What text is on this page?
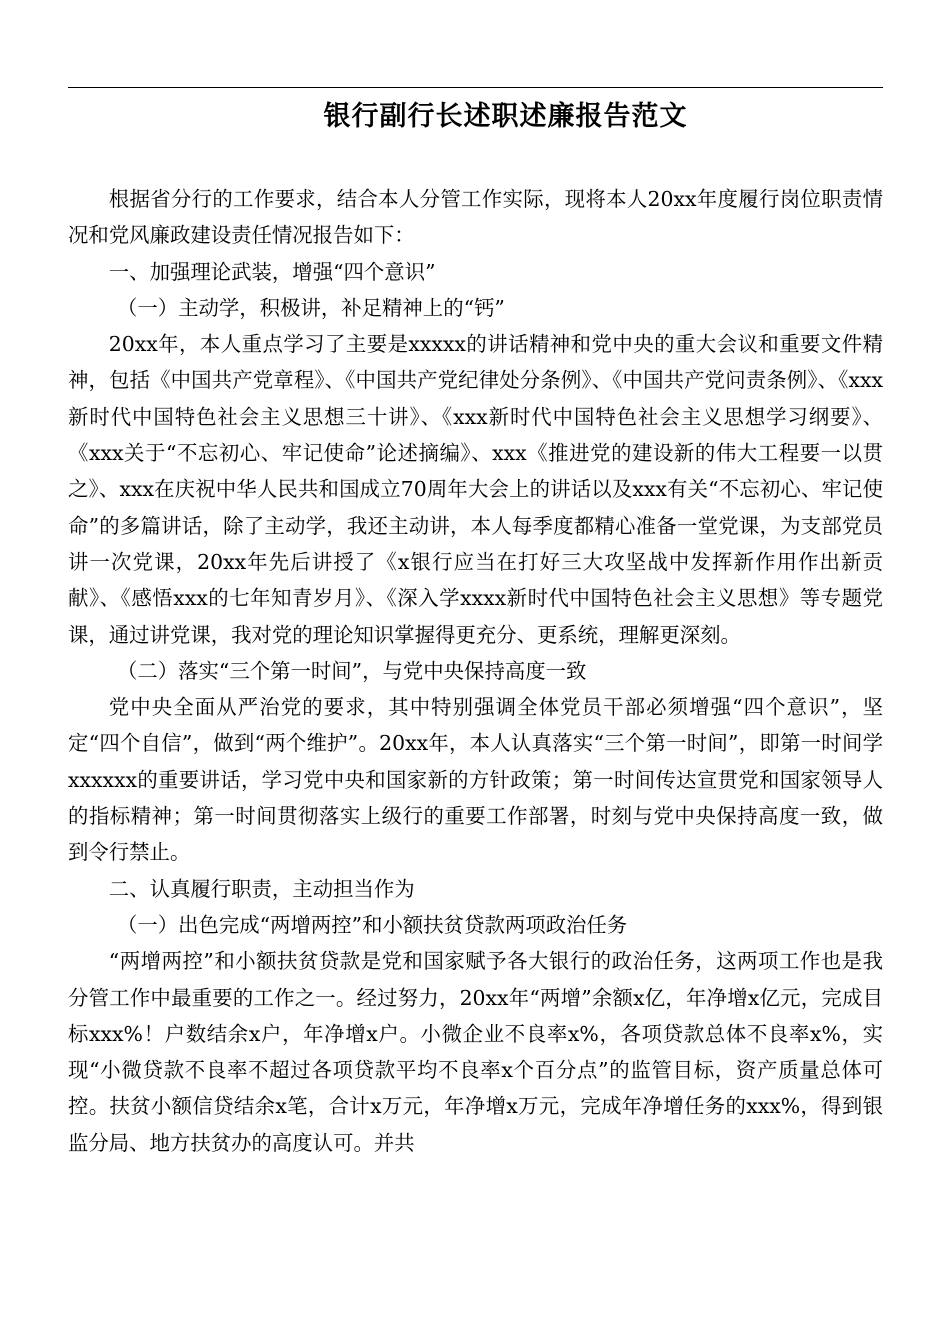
银行副行长述职述廉报告范文

根据省分行的工作要求，结合本人分管工作实际，现将本人20xx年度履行岗位职责情况和党风廉政建设责任情况报告如下：

一、加强理论武装，增强“四个意识”

（一）主动学，积极讲，补足精神上的“钙”

20xx年，本人重点学习了主要是xxxxx的讲话精神和党中央的重大会议和重要文件精神，包括《中国共产党章程》、《中国共产党纪律处分条例》、《中国共产党问责条例》、《xxx新时代中国特色社会主义思想三十讲》、《xxx新时代中国特色社会主义思想学习纲要》、《xxx关于“不忘初心、牢记使命”论述摘编》、xxx《推进党的建设新的伟大工程要一以贯之》、xxx在庆祝中华人民共和国成立70周年大会上的讲话以及xxx有关“不忘初心、牢记使命”的多篇讲话，除了主动学，我还主动讲，本人每季度都精心准备一堂党课，为支部党员讲一次党课，20xx年先后讲授了《x银行应当在打好三大攻坚战中发挥新作用作出新贡献》、《感悟xxx的七年知青岁月》、《深入学xxxx新时代中国特色社会主义思想》等专题党课，通过讲党课，我对党的理论知识掌握得更充分、更系统，理解更深刻。

（二）落实“三个第一时间”，与党中央保持高度一致

党中央全面从严治党的要求，其中特别强调全体党员干部必须增强“四个意识”，坚定“四个自信”，做到“两个维护”。20xx年，本人认真落实“三个第一时间”，即第一时间学xxxxxx的重要讲话，学习党中央和国家新的方针政策；第一时间传达宣贯党和国家领导人的指标精神；第一时间贯彻落实上级行的重要工作部署，时刻与党中央保持高度一致，做到令行禁止。

二、认真履行职责，主动担当作为

（一）出色完成“两增两控”和小额扶贫贷款两项政治任务

“两增两控”和小额扶贫贷款是党和国家赋予各大银行的政治任务，这两项工作也是我分管工作中最重要的工作之一。经过努力，20xx年“两增”余额x亿，年净增x亿元，完成目标xxx%！户数结余x户，年净增x户。小微企业不良率x%，各项贷款总体不良率x%，实现“小微贷款不良率不超过各项贷款平均不良率x个百分点”的监管目标，资产质量总体可控。扶贫小额信贷结余x笔，合计x万元，年净增x万元，完成年净增任务的xxx%，得到银监分局、地方扶贫办的高度认可。并共
